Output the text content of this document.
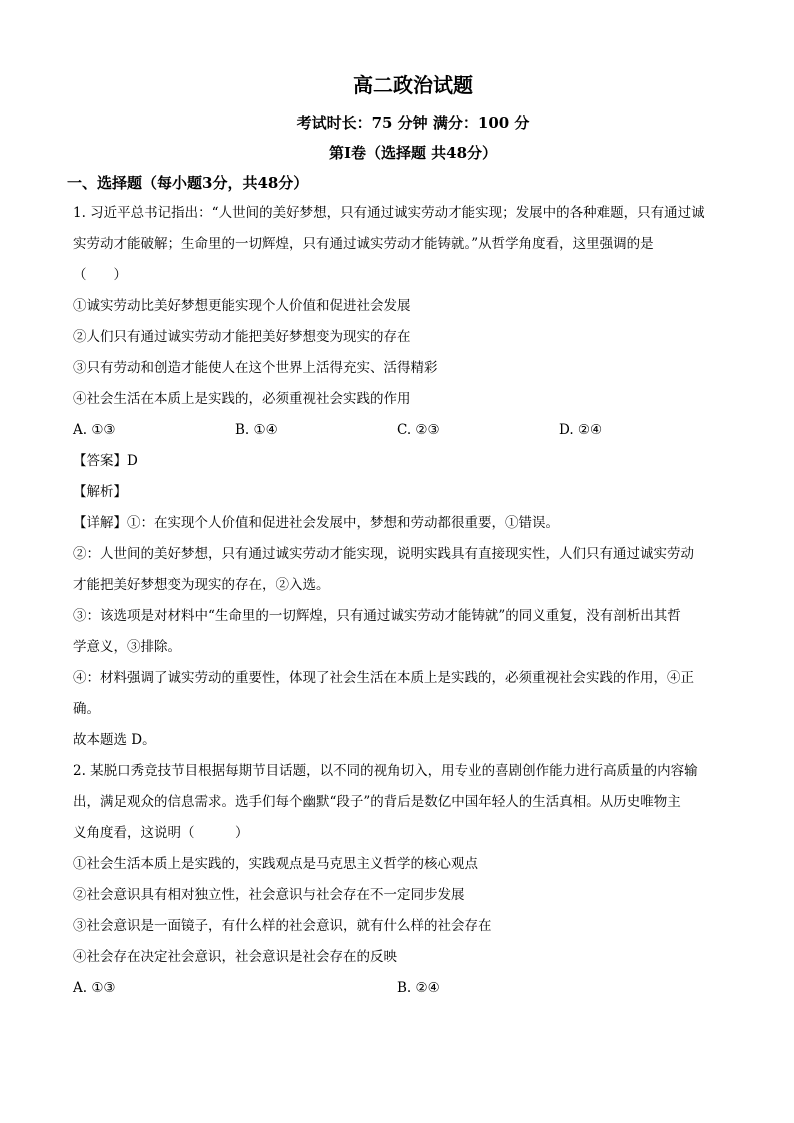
高二政治试题
考试时长：75 分钟 满分：100 分
第Ⅰ卷（选择题 共48分）
一、选择题（每小题3分，共48分）
1. 习近平总书记指出：“人世间的美好梦想，只有通过诚实劳动才能实现；发展中的各种难题，只有通过诚
实劳动才能破解；生命里的一切辉煌，只有通过诚实劳动才能铸就。”从哲学角度看，这里强调的是
（　　）
①诚实劳动比美好梦想更能实现个人价值和促进社会发展
②人们只有通过诚实劳动才能把美好梦想变为现实的存在
③只有劳动和创造才能使人在这个世界上活得充实、活得精彩
④社会生活在本质上是实践的，必须重视社会实践的作用
A. ①③	B. ①④	C. ②③	D. ②④
【答案】D
【解析】
【详解】①：在实现个人价值和促进社会发展中，梦想和劳动都很重要，①错误。
②：人世间的美好梦想，只有通过诚实劳动才能实现，说明实践具有直接现实性，人们只有通过诚实劳动
才能把美好梦想变为现实的存在，②入选。
③：该选项是对材料中“生命里的一切辉煌，只有通过诚实劳动才能铸就”的同义重复，没有剖析出其哲
学意义，③排除。
④：材料强调了诚实劳动的重要性，体现了社会生活在本质上是实践的，必须重视社会实践的作用，④正
确。
故本题选 D。
2. 某脱口秀竞技节目根据每期节目话题，以不同的视角切入，用专业的喜剧创作能力进行高质量的内容输
出，满足观众的信息需求。选手们每个幽默“段子”的背后是数亿中国年轻人的生活真相。从历史唯物主
义角度看，这说明（　　　）
①社会生活本质上是实践的，实践观点是马克思主义哲学的核心观点
②社会意识具有相对独立性，社会意识与社会存在不一定同步发展
③社会意识是一面镜子，有什么样的社会意识，就有什么样的社会存在
④社会存在决定社会意识，社会意识是社会存在的反映
A. ①③	B. ②④
